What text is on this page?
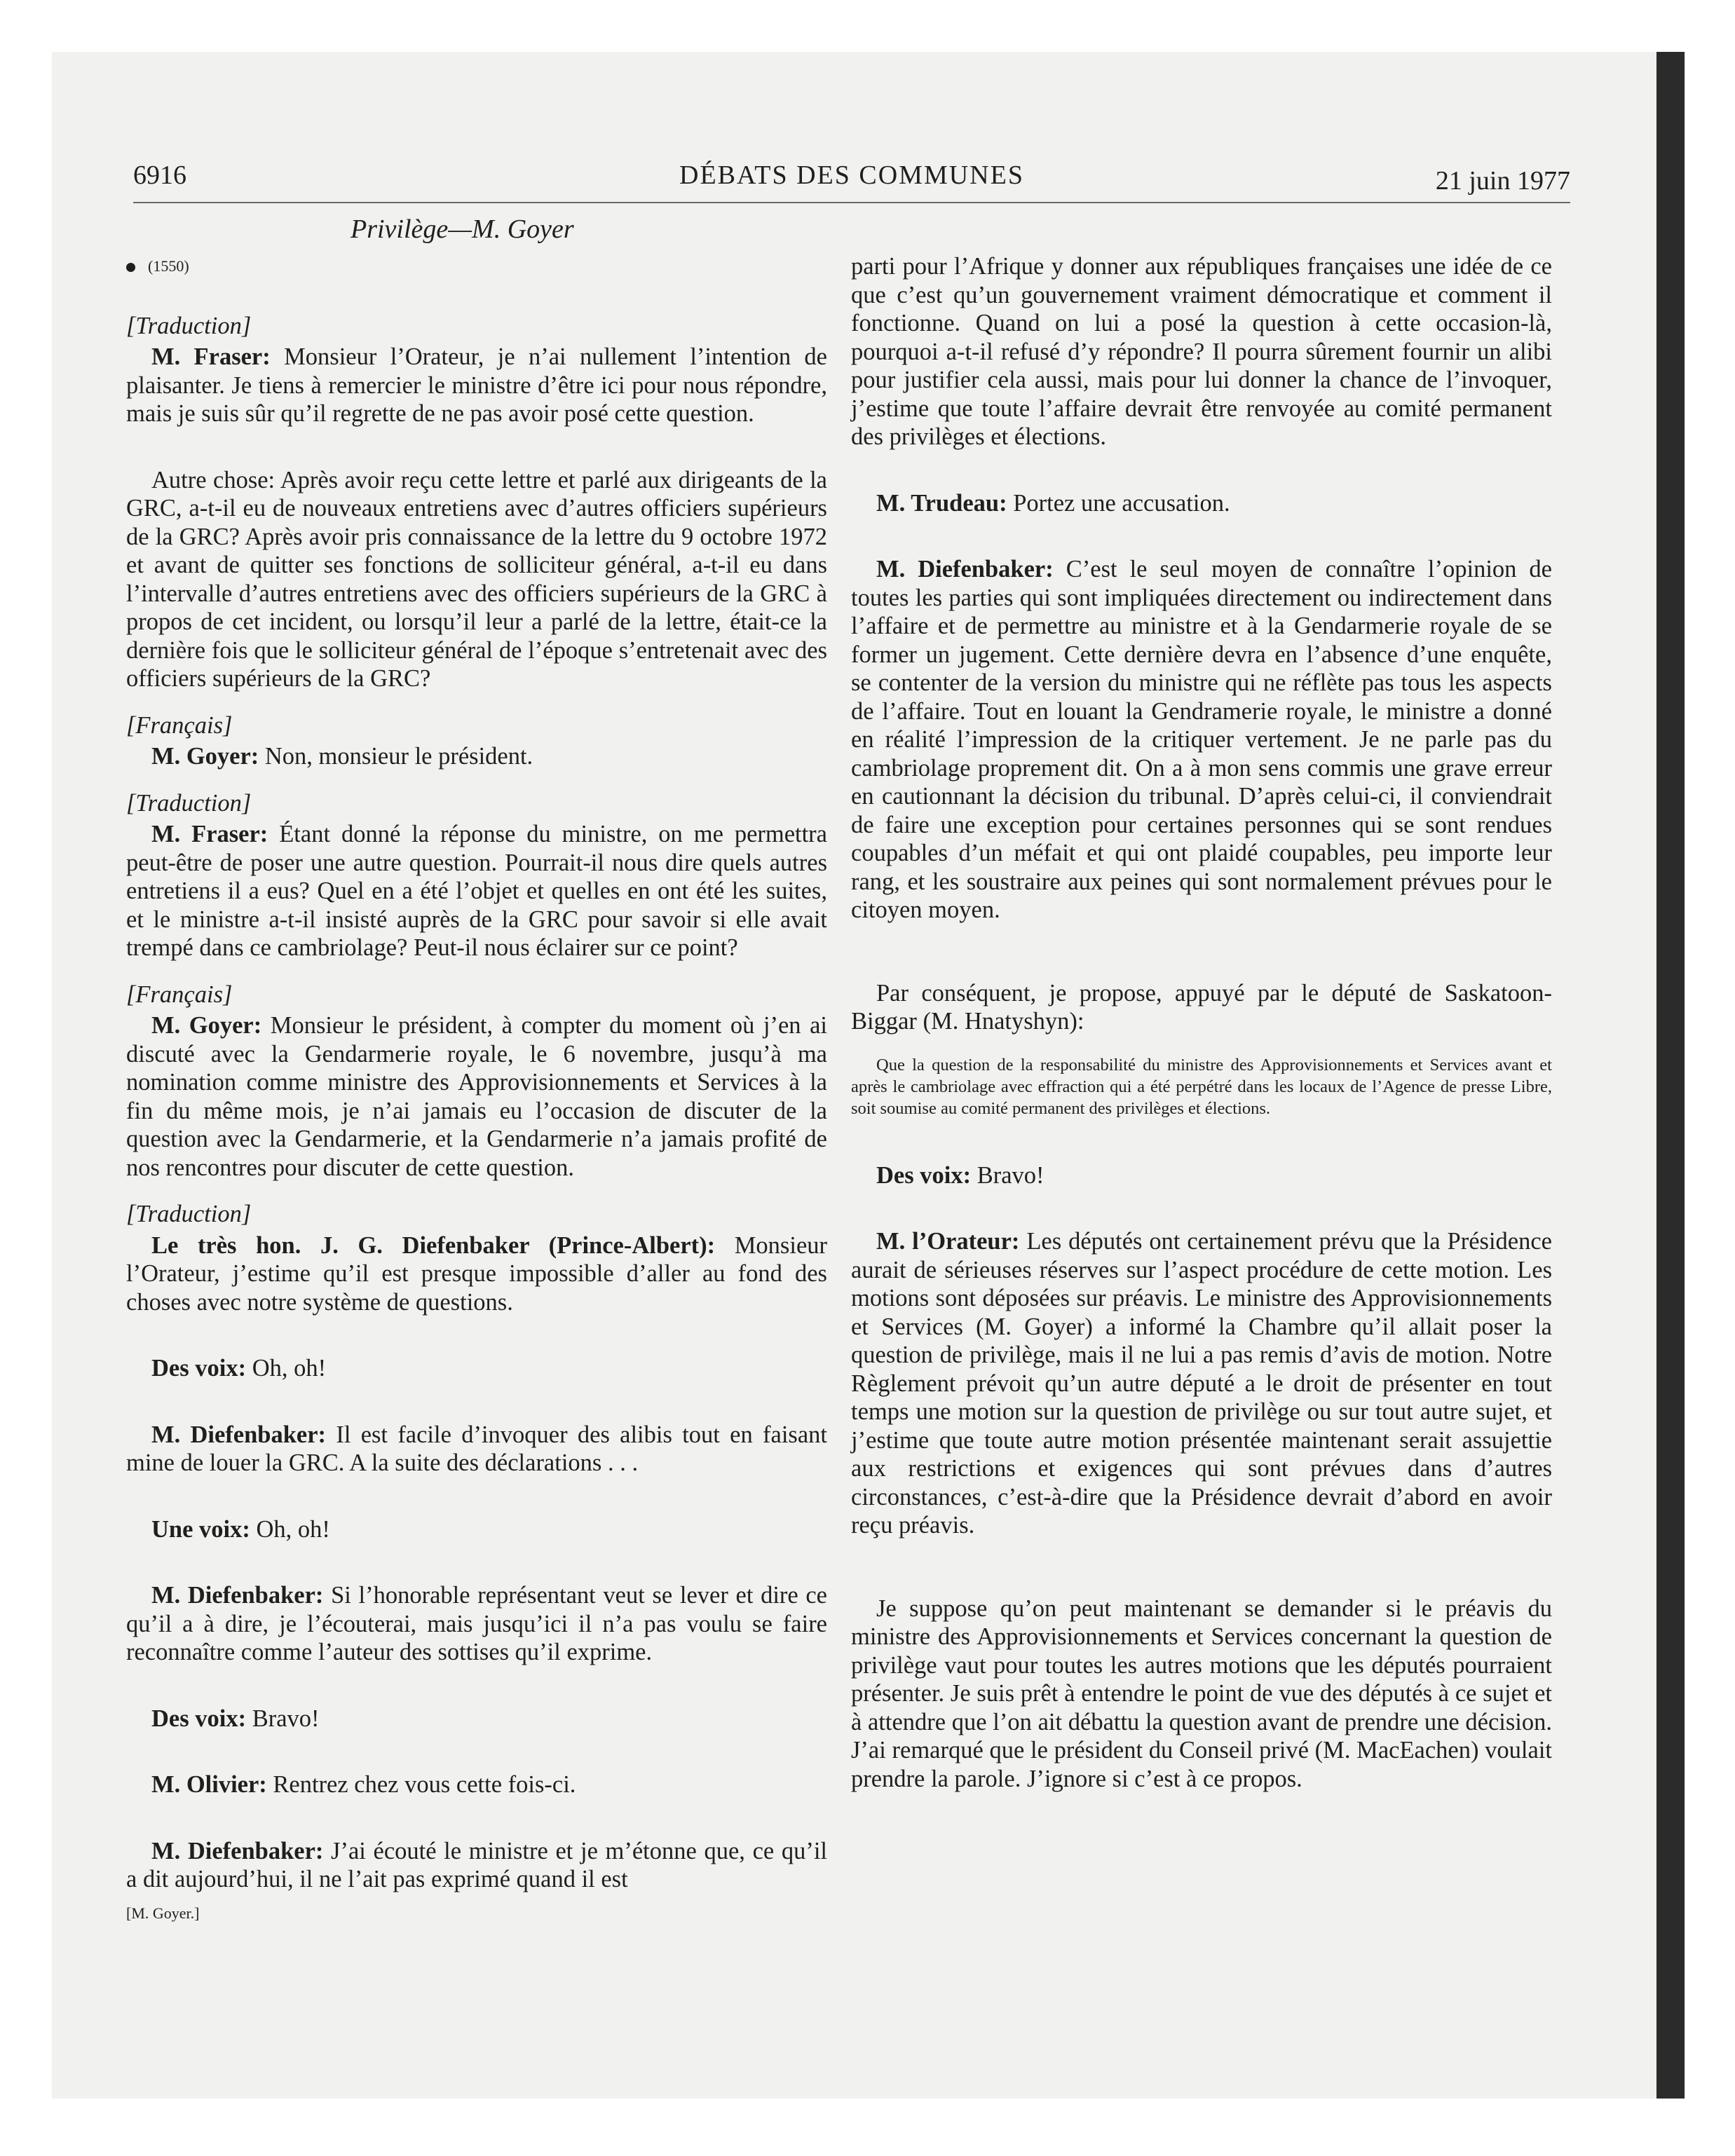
6916	DÉBATS DES COMMUNES	21 juin 1977
Privilège—M. Goyer

(1550)

[Traduction]

M. Fraser: Monsieur l’Orateur, je n’ai nullement l’intention de plaisanter. Je tiens à remercier le ministre d’être ici pour nous répondre, mais je suis sûr qu’il regrette de ne pas avoir posé cette question.

Autre chose: Après avoir reçu cette lettre et parlé aux dirigeants de la GRC, a-t-il eu de nouveaux entretiens avec d’autres officiers supérieurs de la GRC? Après avoir pris connaissance de la lettre du 9 octobre 1972 et avant de quitter ses fonctions de solliciteur général, a-t-il eu dans l’intervalle d’autres entretiens avec des officiers supérieurs de la GRC à propos de cet incident, ou lorsqu’il leur a parlé de la lettre, était-ce la dernière fois que le solliciteur général de l’époque s’entretenait avec des officiers supérieurs de la GRC?

[Français]

M. Goyer: Non, monsieur le président.

[Traduction]

M. Fraser: Étant donné la réponse du ministre, on me permettra peut-être de poser une autre question. Pourrait-il nous dire quels autres entretiens il a eus? Quel en a été l’objet et quelles en ont été les suites, et le ministre a-t-il insisté auprès de la GRC pour savoir si elle avait trempé dans ce cambriolage? Peut-il nous éclairer sur ce point?

[Français]

M. Goyer: Monsieur le président, à compter du moment où j’en ai discuté avec la Gendarmerie royale, le 6 novembre, jusqu’à ma nomination comme ministre des Approvisionnements et Services à la fin du même mois, je n’ai jamais eu l’occasion de discuter de la question avec la Gendarmerie, et la Gendarmerie n’a jamais profité de nos rencontres pour discuter de cette question.

[Traduction]

Le très hon. J. G. Diefenbaker (Prince-Albert): Monsieur l’Orateur, j’estime qu’il est presque impossible d’aller au fond des choses avec notre système de questions.

Des voix: Oh, oh!

M. Diefenbaker: Il est facile d’invoquer des alibis tout en faisant mine de louer la GRC. A la suite des déclarations . . .

Une voix: Oh, oh!

M. Diefenbaker: Si l’honorable représentant veut se lever et dire ce qu’il a à dire, je l’écouterai, mais jusqu’ici il n’a pas voulu se faire reconnaître comme l’auteur des sottises qu’il exprime.

Des voix: Bravo!

M. Olivier: Rentrez chez vous cette fois-ci.

M. Diefenbaker: J’ai écouté le ministre et je m’étonne que, ce qu’il a dit aujourd’hui, il ne l’ait pas exprimé quand il est

[M. Goyer.]

parti pour l’Afrique y donner aux républiques françaises une idée de ce que c’est qu’un gouvernement vraiment démocratique et comment il fonctionne. Quand on lui a posé la question à cette occasion-là, pourquoi a-t-il refusé d’y répondre? Il pourra sûrement fournir un alibi pour justifier cela aussi, mais pour lui donner la chance de l’invoquer, j’estime que toute l’affaire devrait être renvoyée au comité permanent des privilèges et élections.

M. Trudeau: Portez une accusation.

M. Diefenbaker: C’est le seul moyen de connaître l’opinion de toutes les parties qui sont impliquées directement ou indirectement dans l’affaire et de permettre au ministre et à la Gendarmerie royale de se former un jugement. Cette dernière devra en l’absence d’une enquête, se contenter de la version du ministre qui ne réflète pas tous les aspects de l’affaire. Tout en louant la Gendramerie royale, le ministre a donné en réalité l’impression de la critiquer vertement. Je ne parle pas du cambriolage proprement dit. On a à mon sens commis une grave erreur en cautionnant la décision du tribunal. D’après celui-ci, il conviendrait de faire une exception pour certaines personnes qui se sont rendues coupables d’un méfait et qui ont plaidé coupables, peu importe leur rang, et les soustraire aux peines qui sont normalement prévues pour le citoyen moyen.

Par conséquent, je propose, appuyé par le député de Saskatoon-Biggar (M. Hnatyshyn):

Que la question de la responsabilité du ministre des Approvisionnements et Services avant et après le cambriolage avec effraction qui a été perpétré dans les locaux de l’Agence de presse Libre, soit soumise au comité permanent des privilèges et élections.

Des voix: Bravo!

M. l’Orateur: Les députés ont certainement prévu que la Présidence aurait de sérieuses réserves sur l’aspect procédure de cette motion. Les motions sont déposées sur préavis. Le ministre des Approvisionnements et Services (M. Goyer) a informé la Chambre qu’il allait poser la question de privilège, mais il ne lui a pas remis d’avis de motion. Notre Règlement prévoit qu’un autre député a le droit de présenter en tout temps une motion sur la question de privilège ou sur tout autre sujet, et j’estime que toute autre motion présentée maintenant serait assujettie aux restrictions et exigences qui sont prévues dans d’autres circonstances, c’est-à-dire que la Présidence devrait d’abord en avoir reçu préavis.

Je suppose qu’on peut maintenant se demander si le préavis du ministre des Approvisionnements et Services concernant la question de privilège vaut pour toutes les autres motions que les députés pourraient présenter. Je suis prêt à entendre le point de vue des députés à ce sujet et à attendre que l’on ait débattu la question avant de prendre une décision. J’ai remarqué que le président du Conseil privé (M. MacEachen) voulait prendre la parole. J’ignore si c’est à ce propos.
